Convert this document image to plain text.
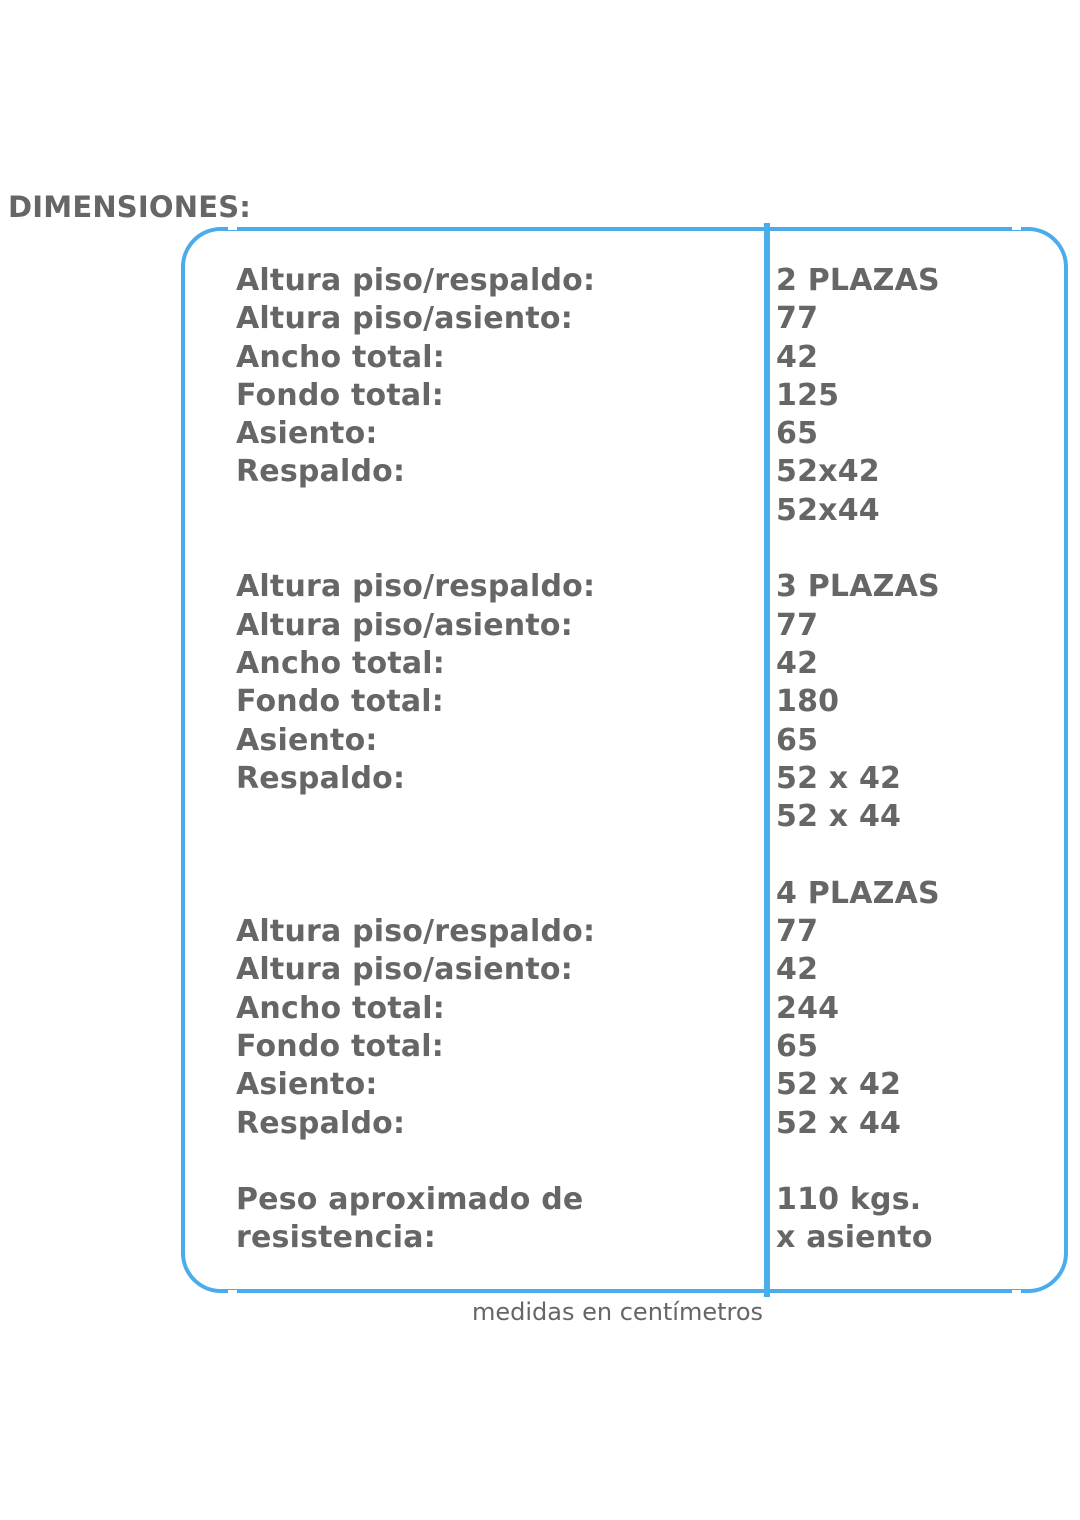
DIMENSIONES:
Altura piso/respaldo:
Altura piso/asiento:
Ancho total:
Fondo total:
Asiento:
Respaldo:
Altura piso/respaldo:
Altura piso/asiento:
Ancho total:
Fondo total:
Asiento:
Respaldo:
Altura piso/respaldo:
Altura piso/asiento:
Ancho total:
Fondo total:
Asiento:
Respaldo:
Peso aproximado de
resistencia:
2 PLAZAS
77
42
125
65
52x42
52x44
3 PLAZAS
77
42
180
65
52 x 42
52 x 44
4 PLAZAS
77
42
244
65
52 x 42
52 x 44
110 kgs.
x asiento
medidas en centímetros
